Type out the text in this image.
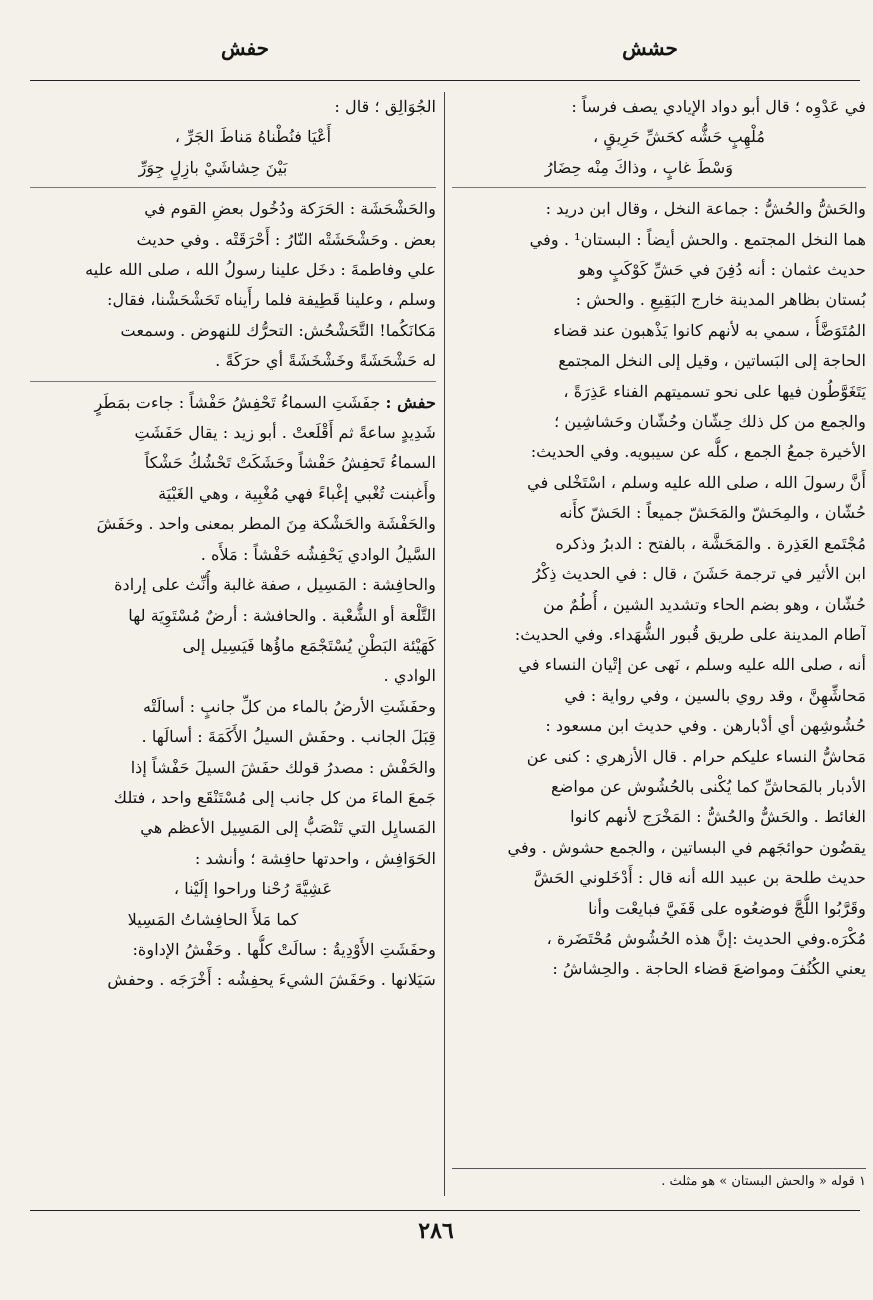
حشش
حفش
في عَدْوِه ؛ قال أبو دواد الإيادي يصف فرساً :
مُلْهِبٍ حَشُّه كحَشِّ حَرِيقٍ ،
وَسْطَ غابٍ ، وذاكَ مِنْه حِضَارُ
والحَشُّ والحُشُّ : جماعة النخل ، وقال ابن دريد :
هما النخل المجتمع . والحش أيضاً : البستان¹ . وفي
حديث عثمان : أنه دُفِنَ في حَشِّ كَوْكَبٍ وهو
بُستان بظاهر المدينة خارج البَقِيعِ . والحش :
المُتَوَضَّأُ ، سمي به لأنهم كانوا يَذْهبون عند قضاء
الحاجة إلى البَساتين ، وقيل إلى النخل المجتمع
يَتَغَوَّطُون فيها على نحو تسميتهم الفناء عَذِرَةً ،
والجمع من كل ذلك حِشّان وحُشّان وحَشاشِين ؛
الأخيرة جمعُ الجمع ، كلُّه عن سيبويه. وفي الحديث:
أَنَّ رسولَ الله ، صلى الله عليه وسلم ، اسْتَخْلى في
حُشّان ، والمِحَشّ والمَحَشّ جميعاً : الحَشّ كأَنه
مُجْتَمع العَذِرة . والمَحَشَّة ، بالفتح : الدبرُ وذكره
ابن الأثير في ترجمة حَشَنَ ، قال : في الحديث ذِكْرُ
حُشّان ، وهو بضم الحاء وتشديد الشين ، أُطُمٌ من
آطام المدينة على طريق قُبور الشُّهَداء. وفي الحديث:
أنه ، صلى الله عليه وسلم ، نَهى عن إتْيان النساء في
مَحاشِّهِنَّ ، وقد روي بالسين ، وفي رواية : في
حُشُوشِهن أي أدْبارهن . وفي حديث ابن مسعود :
مَحاشُّ النساء عليكم حرام . قال الأزهري : كنى عن
الأدبار بالمَحاشِّ كما يُكْنى بالحُشُوش عن مواضع
الغائط . والحَشُّ والحُشُّ : المَخْرَج لأنهم كانوا
يقضُون حوائجَهم في البساتين ، والجمع حشوش . وفي
حديث طلحة بن عبيد الله أنه قال : أَدْخَلوني الحَشَّ
وقَرَّبُوا اللُّجَّ فوضعُوه على قَفَيَّ فبايعْت وأنا
مُكْرَه.وفي الحديث :إنَّ هذه الحُشُوش مُحْتَضَرة ،
يعني الكُنُفَ ومواضعَ قضاء الحاجة . والحِشاشُ :
الجُوَالِق ؛ قال :
أَعْيَا فنُطْناهُ مَناطَ الجَرِّ ،
بَيْنَ حِشاشَيْ بازِلٍ جِوَرِّ
والحَشْحَشَة : الحَرَكة ودُخُول بعضِ القوم في
بعض . وحَشْحَشَتْه النّارُ : أَحْرَقَتْه . وفي حديث
علي وفاطمةَ : دخَل علينا رسولُ الله ، صلى الله عليه
وسلم ، وعلينا قَطِيفة فلما رأَيناه تَحَشْحَشْنا، فقال:
مَكانَكُما! التَّحَشْحُش: التحرُّك للنهوض . وسمعت
له حَشْحَشَةً وخَشْخَشَةً أي حرَكَةً .
حفش : جفَشَتِ السماءُ تَحْفِشُ حَفْشاً : جاءت بمَطَرٍ
شَدِيدٍ ساعةً ثم أَقْلَعتْ . أبو زيد : يقال حَفَشَتِ
السماءُ تَحفِشُ حَفْشاً وحَشَكَتْ تَحْشُكُ حَشْكاً
وأَغبنت تُغْبي إغْباءً فهي مُغْبِية ، وهي الغَبْيَة
والحَفْشَة والحَشْكة مِنَ المطر بمعنى واحد . وحَفَشَ
السَّيلُ الوادي يَحْفِشُه حَفْشاً : مَلأَه .
والحافِشة : المَسِيل ، صفة غالبة وأُنِّث على إرادة
التَّلْعة أو الشُّعْبة . والحافشة : أرضٌ مُسْتَوِيَة لها
كَهَيْئة البَطْنِ يُسْتَجْمَع ماؤُها فَيَسِيل إلى
الوادي .
وحفَشَتِ الأرضُ بالماء من كلِّ جانبٍ : أسالَتْه
قِبَلَ الجانب . وحفَش السيلُ الأَكَمَةَ : أسالَها .
والحَفْش : مصدرُ قولك حفَشَ السيلَ حَفْشاً إذا
جَمعَ الماءَ من كل جانب إلى مُسْتَنْقَع واحد ، فتلك
المَسايِل التي تَنْصَبُّ إلى المَسِيل الأعظم هي
الحَوَافِش ، واحدتها حافِشة ؛ وأنشد :
عَشِيَّةَ رُحْنا وراحوا إلَيْنا ،
كما مَلأَ الحافِشاتُ المَسِيلا
وحفَشَتِ الأَوْدِيةُ : سالَتْ كلُّها . وحَفْشُ الإداوة:
سَيَلانها . وحَفَشَ الشيءَ يحفِشُه : أَخْرَجَه . وحفش
١ قوله « والحش البستان » هو مثلث .
٢٨٦
